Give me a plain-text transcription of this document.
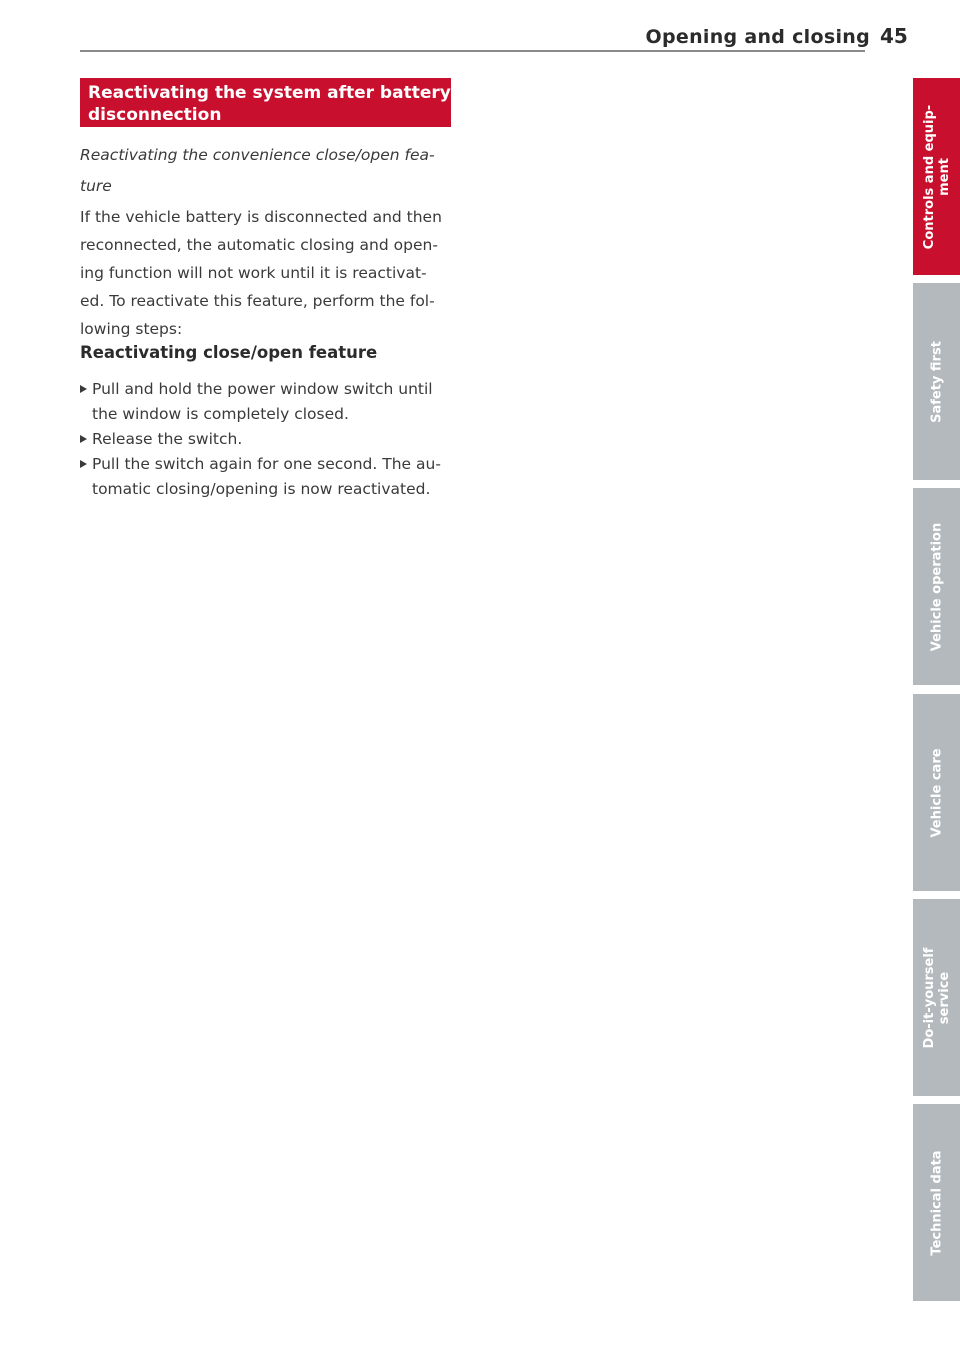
Opening and closing 45
Reactivating the system after battery
disconnection
Reactivating the convenience close/open fea-
ture
If the vehicle battery is disconnected and then
reconnected, the automatic closing and open-
ing function will not work until it is reactivat-
ed. To reactivate this feature, perform the fol-
lowing steps:
Reactivating close/open feature
Pull and hold the power window switch until
the window is completely closed.
Release the switch.
Pull the switch again for one second. The au-
tomatic closing/opening is now reactivated.
Controls and equip- ment
Safety first
Vehicle operation
Vehicle care
Do-it-yourself service
Technical data
